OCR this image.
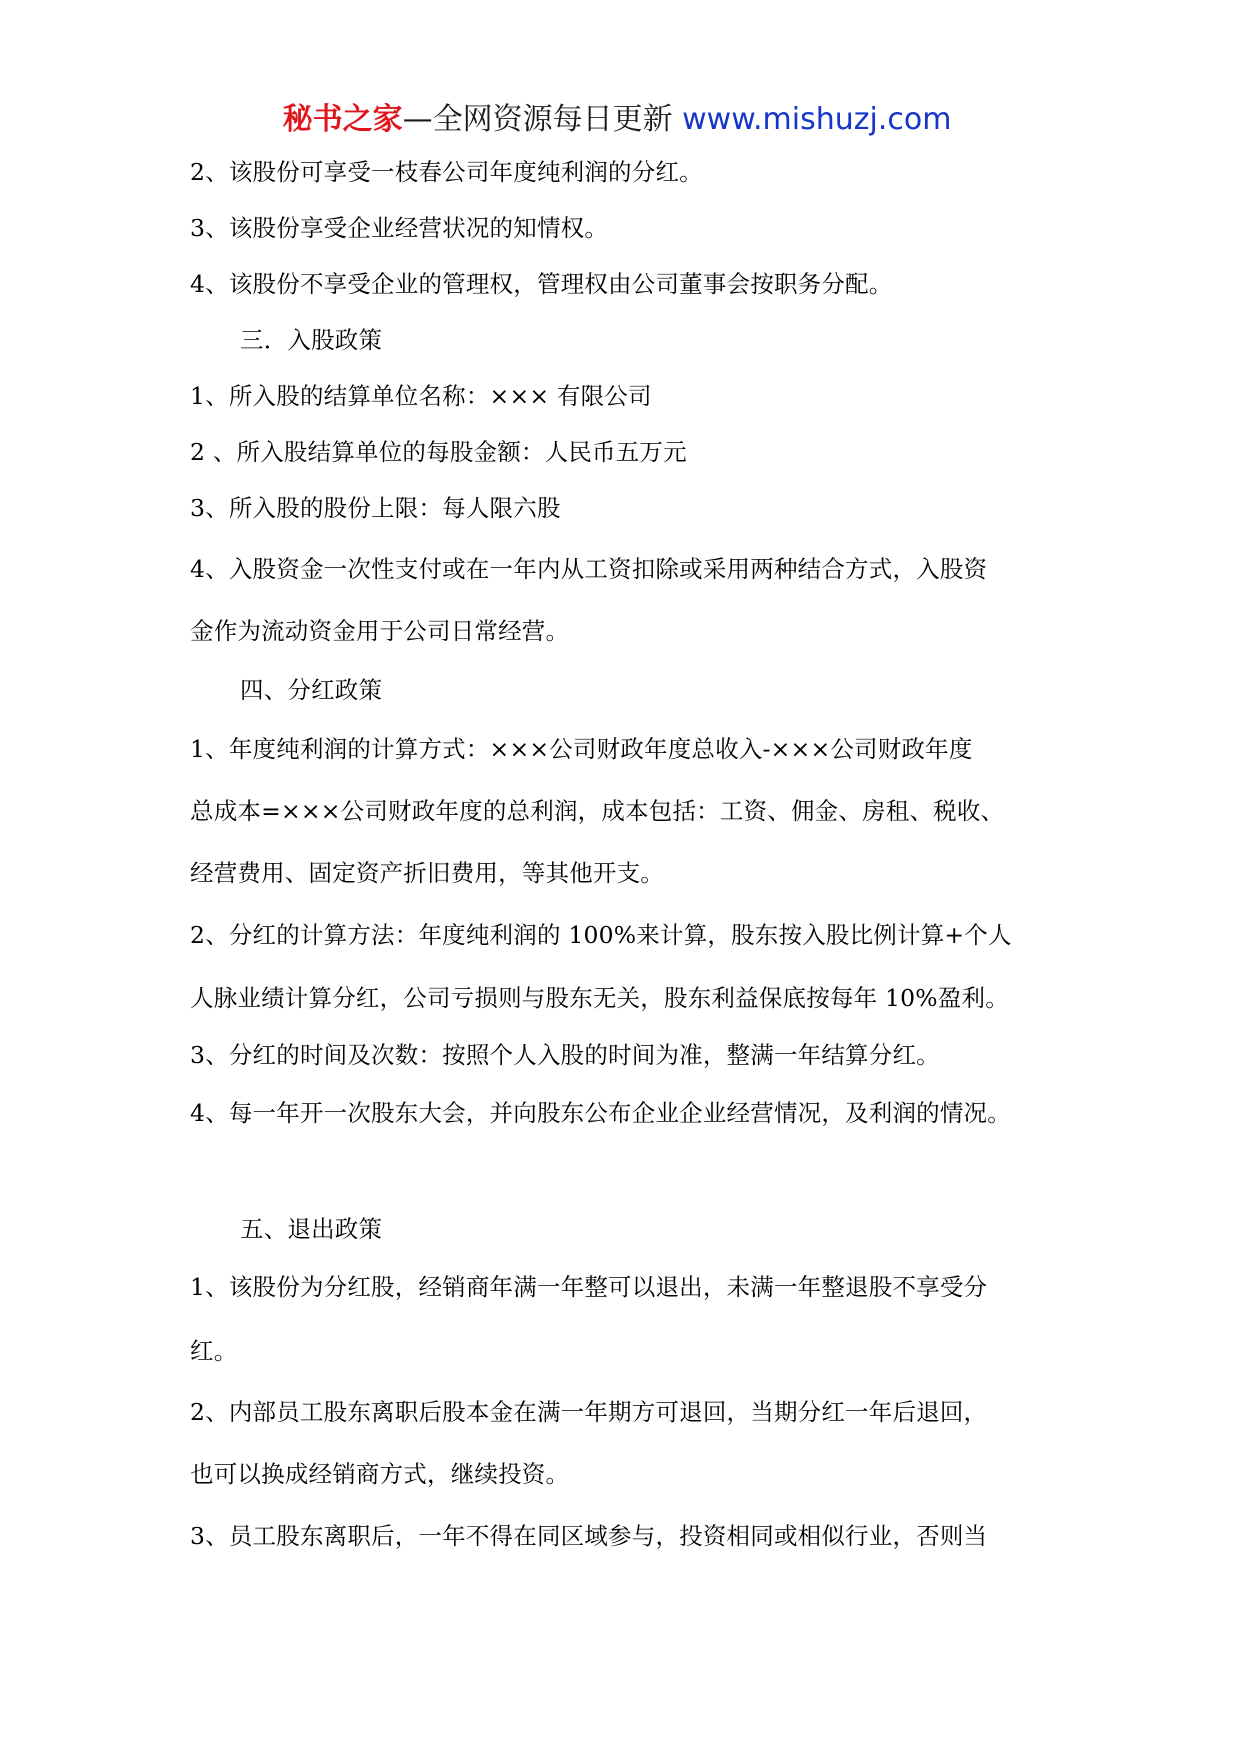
秘书之家—全网资源每日更新 www.mishuzj.com
2、该股份可享受一枝春公司年度纯利润的分红。
3、该股份享受企业经营状况的知情权。
4、该股份不享受企业的管理权，管理权由公司董事会按职务分配。
三．入股政策
1、所入股的结算单位名称：××× 有限公司
2 、所入股结算单位的每股金额：人民币五万元
3、所入股的股份上限：每人限六股
4、入股资金一次性支付或在一年内从工资扣除或采用两种结合方式，入股资
金作为流动资金用于公司日常经营。
四、分红政策
1、年度纯利润的计算方式：×××公司财政年度总收入-×××公司财政年度
总成本=×××公司财政年度的总利润，成本包括：工资、佣金、房租、税收、
经营费用、固定资产折旧费用，等其他开支。
2、分红的计算方法：年度纯利润的 100%来计算，股东按入股比例计算+个人
人脉业绩计算分红，公司亏损则与股东无关，股东利益保底按每年 10%盈利。
3、分红的时间及次数：按照个人入股的时间为准，整满一年结算分红。
4、每一年开一次股东大会，并向股东公布企业企业经营情况，及利润的情况。
五、退出政策
1、该股份为分红股，经销商年满一年整可以退出，未满一年整退股不享受分
红。
2、内部员工股东离职后股本金在满一年期方可退回，当期分红一年后退回，
也可以换成经销商方式，继续投资。
3、员工股东离职后，一年不得在同区域参与，投资相同或相似行业，否则当
